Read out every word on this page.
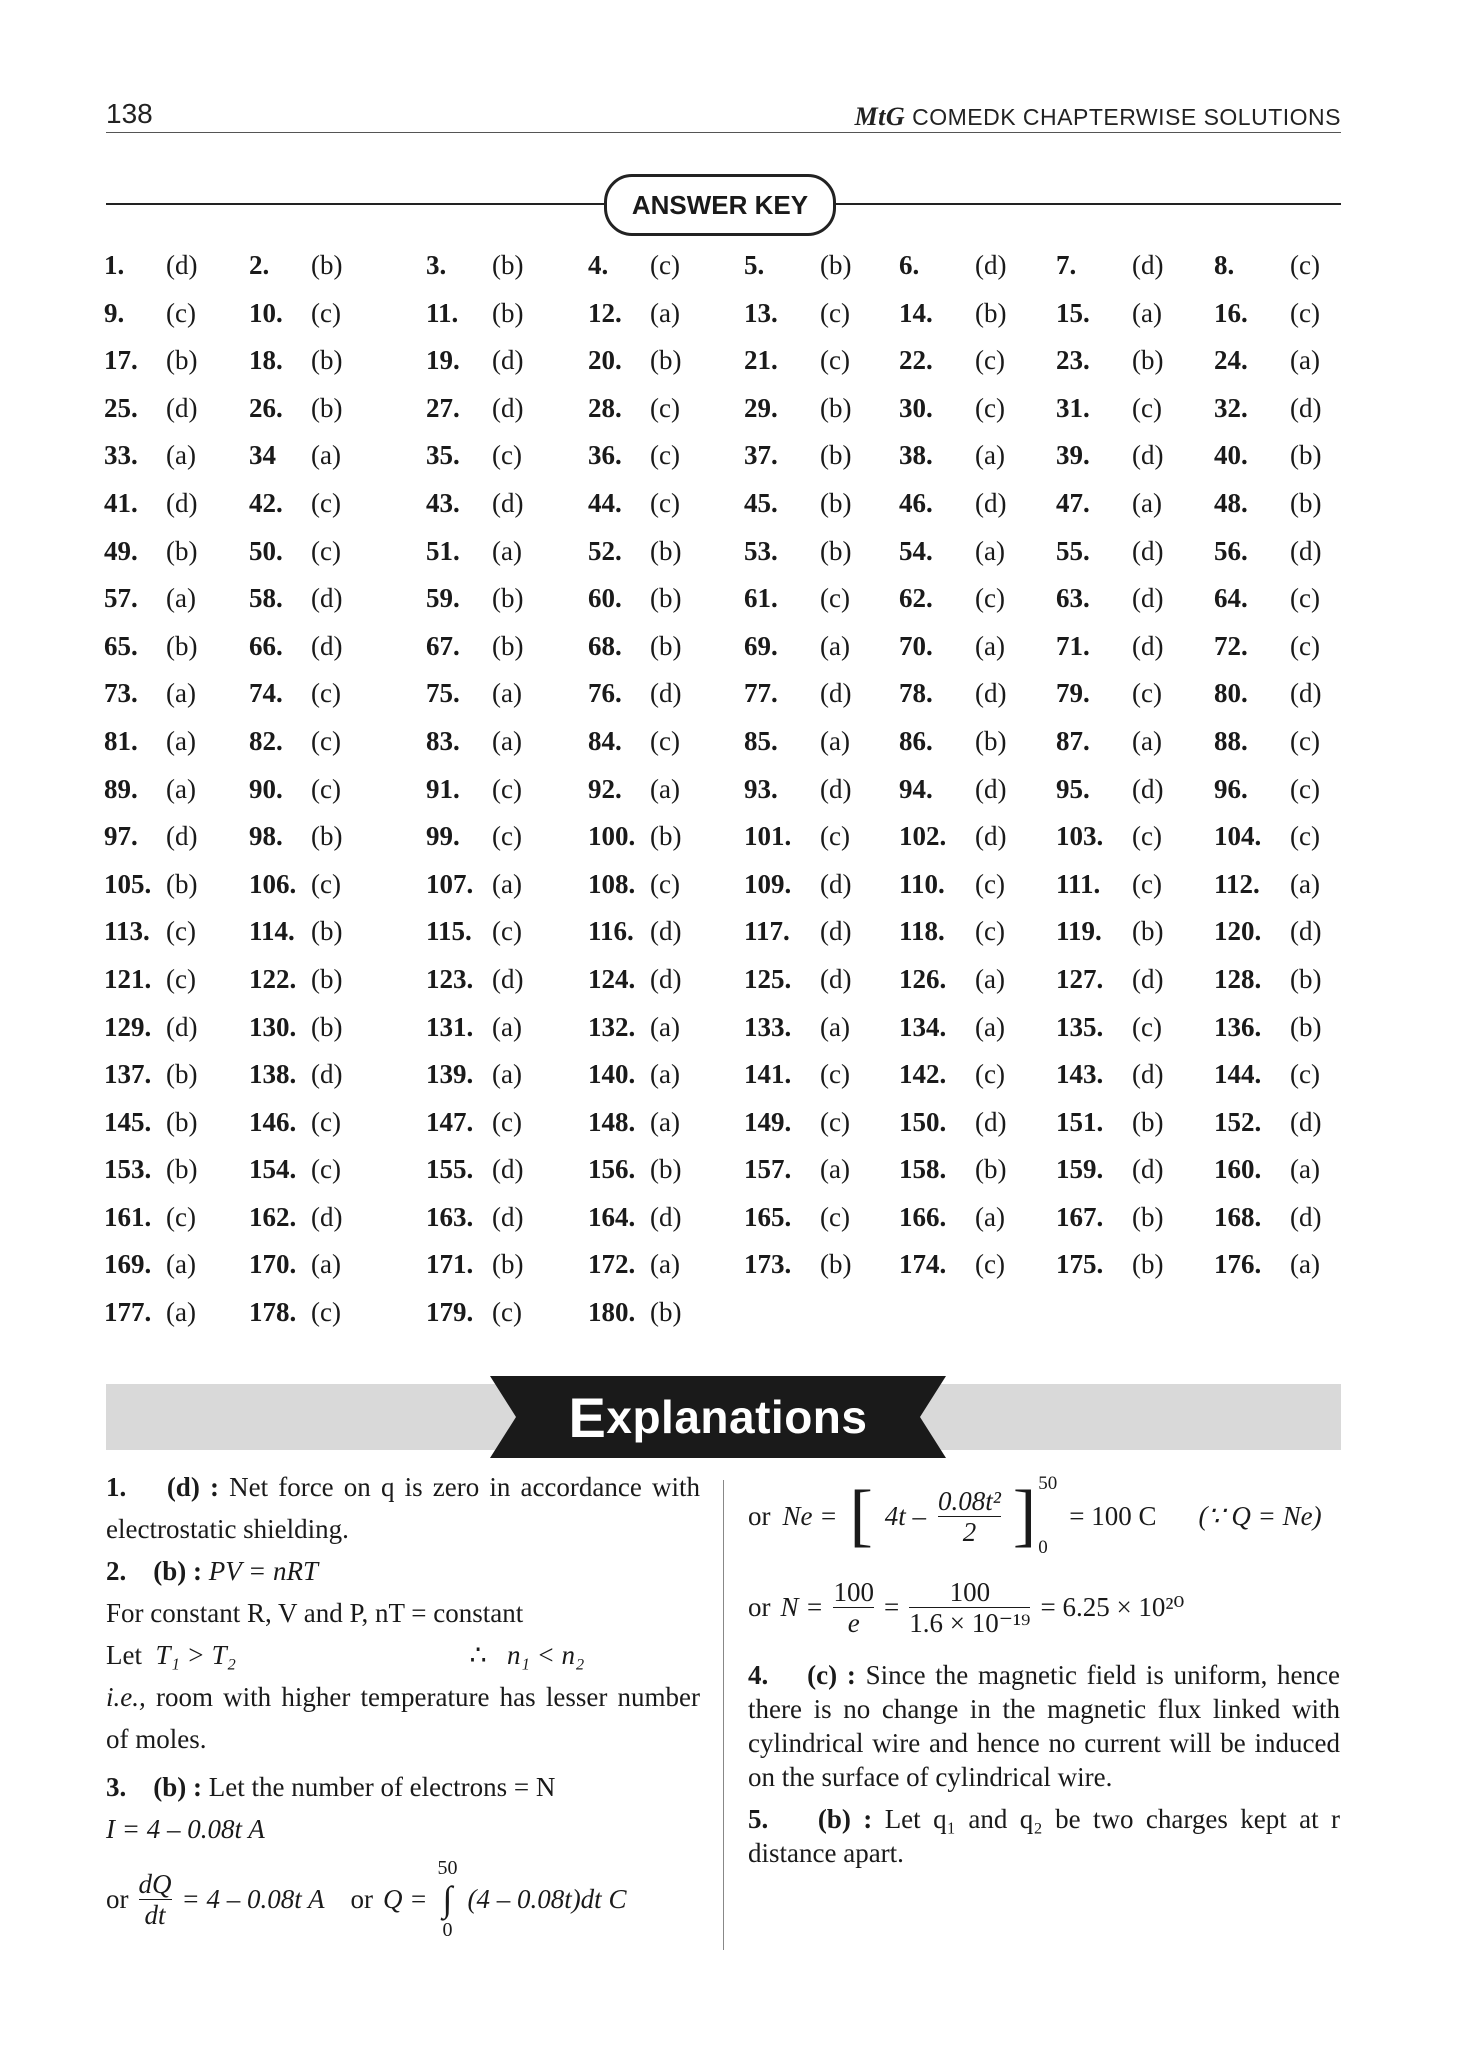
138	MtG COMEDK CHAPTERWISE SOLUTIONS
ANSWER KEY
1. (d) 2. (b)	3. (b) 4. (c) 5. (b) 6. (d) 7. (d) 8. (c)
9. (c) 10. (c)	11. (b) 12. (a) 13. (c) 14. (b) 15. (a) 16. (c)
17. (b) 18. (b)	19. (d) 20. (b) 21. (c) 22. (c) 23. (b) 24. (a)
25. (d) 26. (b)	27. (d) 28. (c) 29. (b) 30. (c) 31. (c) 32. (d)
33. (a) 34 (a)	35. (c) 36. (c) 37. (b) 38. (a) 39. (d) 40. (b)
41. (d) 42. (c)	43. (d) 44. (c) 45. (b) 46. (d) 47. (a) 48. (b)
49. (b) 50. (c)	51. (a) 52. (b) 53. (b) 54. (a) 55. (d) 56. (d)
57. (a) 58. (d)	59. (b) 60. (b) 61. (c) 62. (c) 63. (d) 64. (c)
65. (b) 66. (d)	67. (b) 68. (b) 69. (a) 70. (a) 71. (d) 72. (c)
73. (a) 74. (c)	75. (a) 76. (d) 77. (d) 78. (d) 79. (c) 80. (d)
81. (a) 82. (c)	83. (a) 84. (c) 85. (a) 86. (b) 87. (a) 88. (c)
89. (a) 90. (c)	91. (c) 92. (a) 93. (d) 94. (d) 95. (d) 96. (c)
97. (d) 98. (b)	99. (c) 100. (b) 101. (c) 102. (d) 103. (c) 104. (c)
105. (b) 106. (c)	107. (a) 108. (c) 109. (d) 110. (c) 111. (c) 112. (a)
113. (c) 114. (b)	115. (c) 116. (d) 117. (d) 118. (c) 119. (b) 120. (d)
121. (c) 122. (b)	123. (d) 124. (d) 125. (d) 126. (a) 127. (d) 128. (b)
129. (d) 130. (b)	131. (a) 132. (a) 133. (a) 134. (a) 135. (c) 136. (b)
137. (b) 138. (d)	139. (a) 140. (a) 141. (c) 142. (c) 143. (d) 144. (c)
145. (b) 146. (c)	147. (c) 148. (a) 149. (c) 150. (d) 151. (b) 152. (d)
153. (b) 154. (c)	155. (d) 156. (b) 157. (a) 158. (b) 159. (d) 160. (a)
161. (c) 162. (d)	163. (d) 164. (d) 165. (c) 166. (a) 167. (b) 168. (d)
169. (a) 170. (a)	171. (b) 172. (a) 173. (b) 174. (c) 175. (b) 176. (a)
177. (a) 178. (c)	179. (c) 180. (b)
E xplanations

1. (d) : Net force on q is zero in accordance with electrostatic shielding.

2. (b) : PV = nRT

For constant R, V and P, nT = constant

Let T₁ > T₂	∴ n₁ < n₂

i.e., room with higher temperature has lesser number of moles.

3. (b) : Let the number of electrons = N

I = 4 – 0.08t A

or $\frac{dQ}{dt} = 4 - 0.08t$ A or Q =
50
∫
0
(4 – 0.08t)dt C
or Ne = [ $4t - \frac{\text{0.08t²}}{2}$ ] 50
0
= 100 C (∵ Q = Ne)
or $N = \frac{100}{e} = \frac{100}{\text{1.6 × 10⁻¹⁹}} = 6.25 \times 10^{20}$

4. (c) : Since the magnetic field is uniform, hence there is no change in the magnetic flux linked with cylindrical wire and hence no current will be induced on the surface of cylindrical wire.

5. (b) : Let q₁ and q₂ be two charges kept at r distance apart.
